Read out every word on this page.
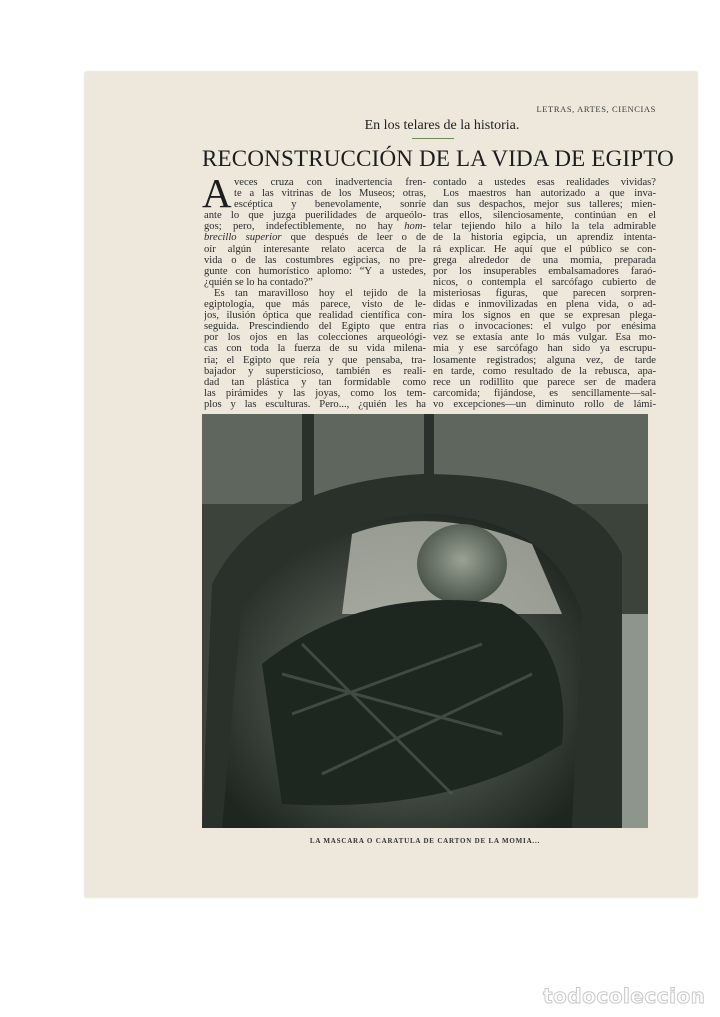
LETRAS, ARTES, CIENCIAS
En los telares de la historia.
RECONSTRUCCIÓN DE LA VIDA DE EGIPTO
A veces cruza con inadvertencia fren-
te a las vitrinas de los Museos; otras,
escéptica y benevolamente, sonríe
ante lo que juzga puerilidades de arqueólo-
gos; pero, indefectiblemente, no hay hom-
brecillo superior que después de leer o de
oír algún interesante relato acerca de la
vida o de las costumbres egipcias, no pre-
gunte con humorístico aplomo: “Y a ustedes,
¿quién se lo ha contado?”
Es tan maravilloso hoy el tejido de la
egiptología, que más parece, visto de le-
jos, ilusión óptica que realidad científica con-
seguida. Prescindiendo del Egipto que entra
por los ojos en las colecciones arqueológi-
cas con toda la fuerza de su vida milena-
ria; el Egipto que reía y que pensaba, tra-
bajador y supersticioso, también es reali-
dad tan plástica y tan formidable como
las pirámides y las joyas, como los tem-
plos y las esculturas. Pero..., ¿quién les ha
contado a ustedes esas realidades vividas?
Los maestros han autorizado a que inva-
dan sus despachos, mejor sus talleres; mien-
tras ellos, silenciosamente, continúan en el
telar tejiendo hilo a hilo la tela admirable
de la historia egipcia, un aprendiz intenta-
rá explicar. He aquí que el público se con-
grega alrededor de una momia, preparada
por los insuperables embalsamadores faraó-
nicos, o contempla el sarcófago cubierto de
misteriosas figuras, que parecen sorpren-
didas e inmovilizadas en plena vida, o ad-
mira los signos en que se expresan plega-
rias o invocaciones: el vulgo por enésima
vez se extasía ante lo más vulgar. Esa mo-
mia y ese sarcófago han sido ya escrupu-
losamente registrados; alguna vez, de tarde
en tarde, como resultado de la rebusca, apa-
rece un rodillito que parece ser de madera
carcomida; fijándose, es sencillamente—sal-
vo excepciones—un diminuto rollo de lámi-
LA MASCARA O CARATULA DE CARTON DE LA MOMIA...
todocoleccion
